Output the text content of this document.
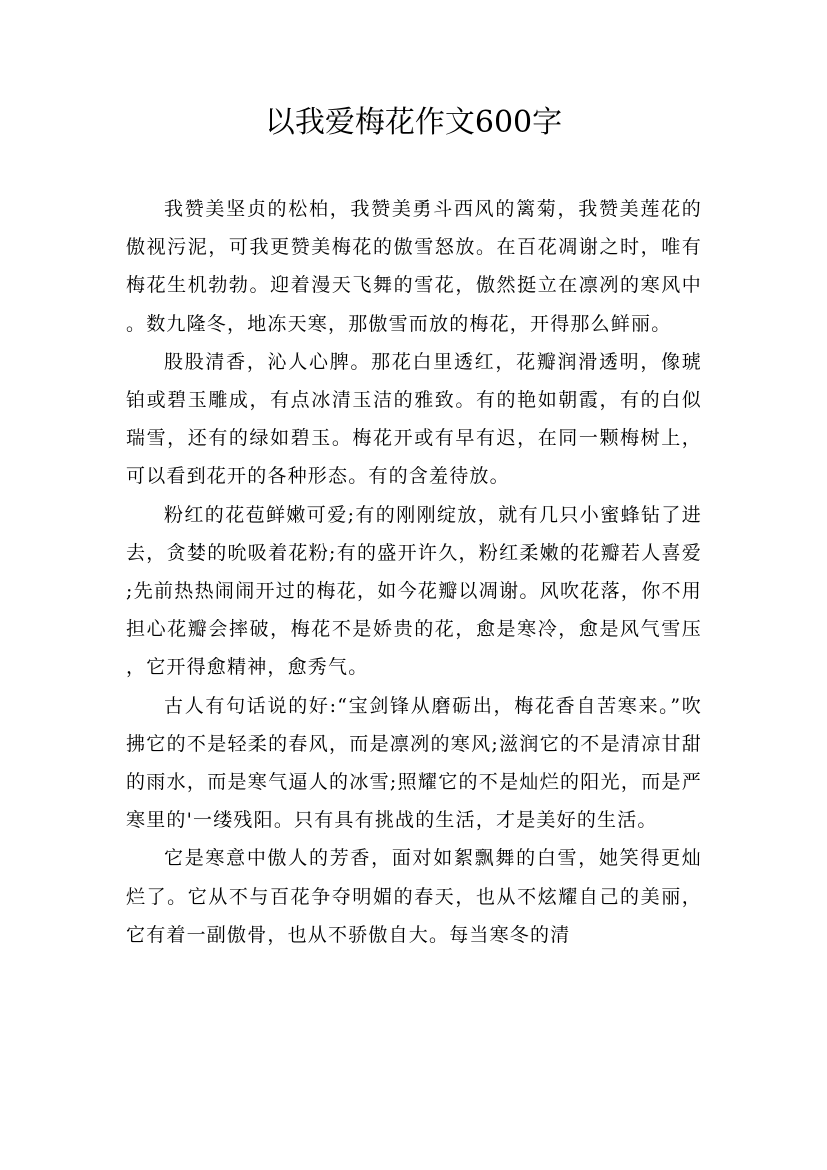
以我爱梅花作文600字

我赞美坚贞的松柏，我赞美勇斗西风的篱菊，我赞美莲花的傲视污泥，可我更赞美梅花的傲雪怒放。在百花凋谢之时，唯有梅花生机勃勃。迎着漫天飞舞的雪花，傲然挺立在凛冽的寒风中。数九隆冬，地冻天寒，那傲雪而放的梅花，开得那么鲜丽。

股股清香，沁人心脾。那花白里透红，花瓣润滑透明，像琥铂或碧玉雕成，有点冰清玉洁的雅致。有的艳如朝霞，有的白似瑞雪，还有的绿如碧玉。梅花开或有早有迟，在同一颗梅树上，可以看到花开的各种形态。有的含羞待放。

粉红的花苞鲜嫩可爱;有的刚刚绽放，就有几只小蜜蜂钻了进去，贪婪的吮吸着花粉;有的盛开许久，粉红柔嫩的花瓣若人喜爱;先前热热闹闹开过的梅花，如今花瓣以凋谢。风吹花落，你不用担心花瓣会摔破，梅花不是娇贵的花，愈是寒冷，愈是风气雪压，它开得愈精神，愈秀气。

古人有句话说的好:“宝剑锋从磨砺出，梅花香自苦寒来。”吹拂它的不是轻柔的春风，而是凛冽的寒风;滋润它的不是清凉甘甜的雨水，而是寒气逼人的冰雪;照耀它的不是灿烂的阳光，而是严寒里的'一缕残阳。只有具有挑战的生活，才是美好的生活。

它是寒意中傲人的芳香，面对如絮飘舞的白雪，她笑得更灿烂了。它从不与百花争夺明媚的春天，也从不炫耀自己的美丽，它有着一副傲骨，也从不骄傲自大。每当寒冬的清
